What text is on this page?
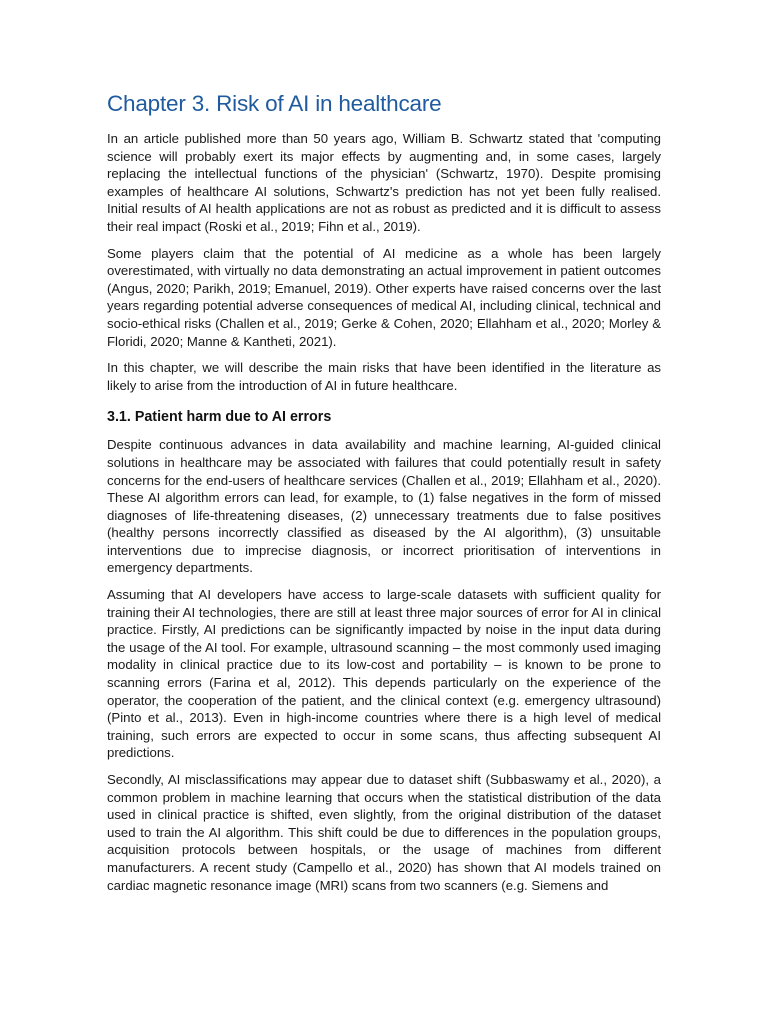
Chapter 3. Risk of AI in healthcare

In an article published more than 50 years ago, William B. Schwartz stated that 'computing science will probably exert its major effects by augmenting and, in some cases, largely replacing the intellectual functions of the physician' (Schwartz, 1970). Despite promising examples of healthcare AI solutions, Schwartz's prediction has not yet been fully realised. Initial results of AI health applications are not as robust as predicted and it is difficult to assess their real impact (Roski et al., 2019; Fihn et al., 2019).

Some players claim that the potential of AI medicine as a whole has been largely overestimated, with virtually no data demonstrating an actual improvement in patient outcomes (Angus, 2020; Parikh, 2019; Emanuel, 2019). Other experts have raised concerns over the last years regarding potential adverse consequences of medical AI, including clinical, technical and socio-ethical risks (Challen et al., 2019; Gerke & Cohen, 2020; Ellahham et al., 2020; Morley & Floridi, 2020; Manne & Kantheti, 2021).

In this chapter, we will describe the main risks that have been identified in the literature as likely to arise from the introduction of AI in future healthcare.

3.1. Patient harm due to AI errors

Despite continuous advances in data availability and machine learning, AI-guided clinical solutions in healthcare may be associated with failures that could potentially result in safety concerns for the end-users of healthcare services (Challen et al., 2019; Ellahham et al., 2020). These AI algorithm errors can lead, for example, to (1) false negatives in the form of missed diagnoses of life-threatening diseases, (2) unnecessary treatments due to false positives (healthy persons incorrectly classified as diseased by the AI algorithm), (3) unsuitable interventions due to imprecise diagnosis, or incorrect prioritisation of interventions in emergency departments.

Assuming that AI developers have access to large-scale datasets with sufficient quality for training their AI technologies, there are still at least three major sources of error for AI in clinical practice. Firstly, AI predictions can be significantly impacted by noise in the input data during the usage of the AI tool. For example, ultrasound scanning – the most commonly used imaging modality in clinical practice due to its low-cost and portability – is known to be prone to scanning errors (Farina et al, 2012). This depends particularly on the experience of the operator, the cooperation of the patient, and the clinical context (e.g. emergency ultrasound) (Pinto et al., 2013). Even in high-income countries where there is a high level of medical training, such errors are expected to occur in some scans, thus affecting subsequent AI predictions.

Secondly, AI misclassifications may appear due to dataset shift (Subbaswamy et al., 2020), a common problem in machine learning that occurs when the statistical distribution of the data used in clinical practice is shifted, even slightly, from the original distribution of the dataset used to train the AI algorithm. This shift could be due to differences in the population groups, acquisition protocols between hospitals, or the usage of machines from different manufacturers. A recent study (Campello et al., 2020) has shown that AI models trained on cardiac magnetic resonance image (MRI) scans from two scanners (e.g. Siemens and
